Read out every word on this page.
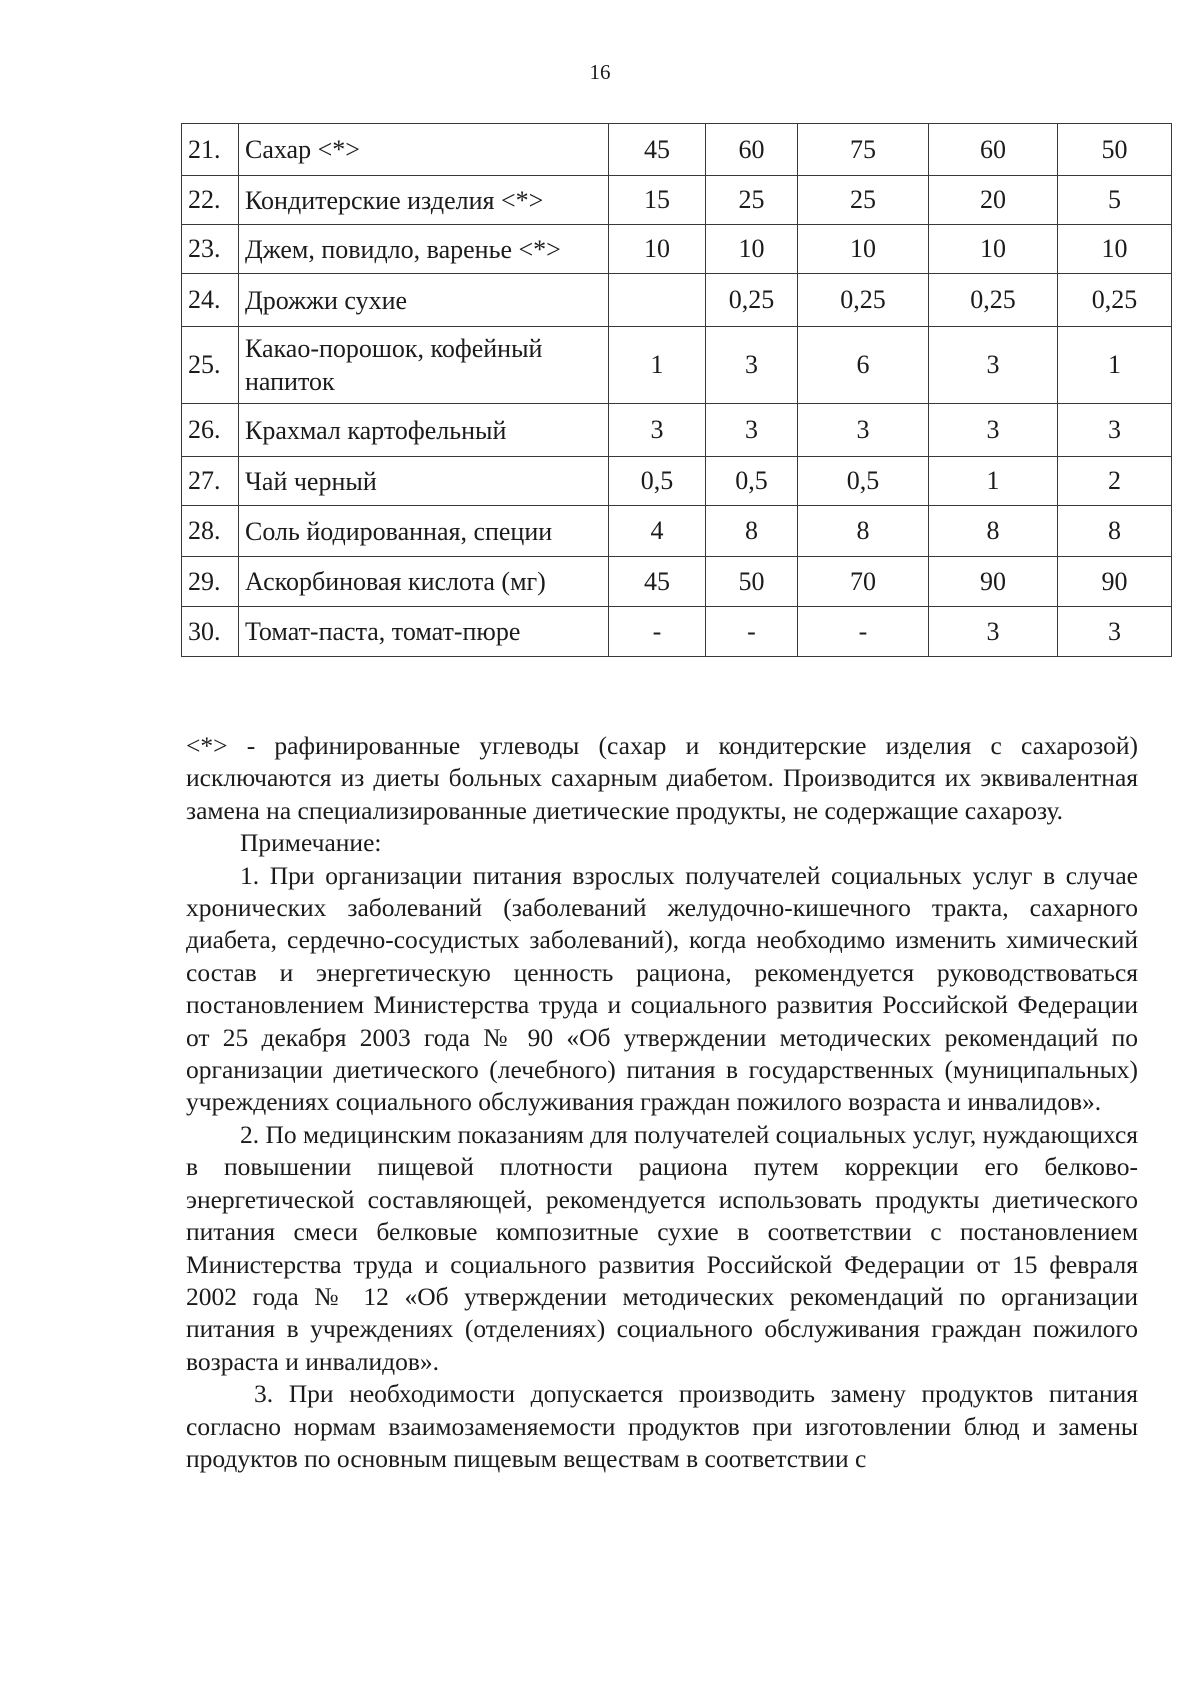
16
21.	Сахар <*>	45	60	75	60	50
22.	Кондитерские изделия <*>	15	25	25	20	5
23.	Джем, повидло, варенье <*>	10	10	10	10	10
24.	Дрожжи сухие		0,25	0,25	0,25	0,25
25.	Какао-порошок, кофейный напиток	1	3	6	3	1
26.	Крахмал картофельный	3	3	3	3	3
27.	Чай черный	0,5	0,5	0,5	1	2
28.	Соль йодированная, специи	4	8	8	8	8
29.	Аскорбиновая кислота (мг)	45	50	70	90	90
30.	Томат-паста, томат-пюре	-	-	-	3	3

<*> - рафинированные углеводы (сахар и кондитерские изделия с сахарозой) исключаются из диеты больных сахарным диабетом. Производится их эквивалентная замена на специализированные диетические продукты, не содержащие сахарозу.

Примечание:

1. При организации питания взрослых получателей социальных услуг в случае хронических заболеваний (заболеваний желудочно-кишечного тракта, сахарного диабета, сердечно-сосудистых заболеваний), когда необходимо изменить химический состав и энергетическую ценность рациона, рекомендуется руководствоваться постановлением Министерства труда и социального развития Российской Федерации от 25 декабря 2003 года № 90 «Об утверждении методических рекомендаций по организации диетического (лечебного) питания в государственных (муниципальных) учреждениях социального обслуживания граждан пожилого возраста и инвалидов».

2. По медицинским показаниям для получателей социальных услуг, нуждающихся в повышении пищевой плотности рациона путем коррекции его белково-энергетической составляющей, рекомендуется использовать продукты диетического питания смеси белковые композитные сухие в соответствии с постановлением Министерства труда и социального развития Российской Федерации от 15 февраля 2002 года № 12 «Об утверждении методических рекомендаций по организации питания в учреждениях (отделениях) социального обслуживания граждан пожилого возраста и инвалидов».

3. При необходимости допускается производить замену продуктов питания согласно нормам взаимозаменяемости продуктов при изготовлении блюд и замены продуктов по основным пищевым веществам в соответствии с
